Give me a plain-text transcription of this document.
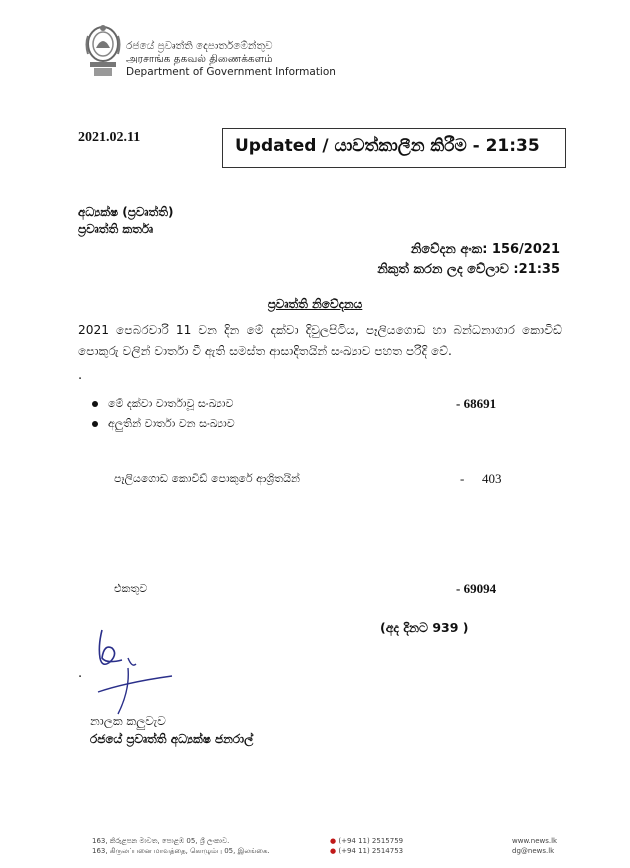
රජයේ ප්‍රවෘත්ති දෙපාර්තමේන්තුව
அரசாங்க தகவல் திணைக்களம்
Department of Government Information
2021.02.11	Updated / යාවත්කාලීන කිරීම - 21:35
අධ්‍යක්ෂ (ප්‍රවෘත්ති)
ප්‍රවෘත්ති කර්තෘ
නිවේදන අංක: 156/2021
නිකුත් කරන ලද වේලාව :21:35
ප්‍රවෘත්ති නිවේදනය
2021 පෙබරවාරි 11 වන දින මේ දක්වා දිවුලපිටිය, පෑලියගොඩ හා බන්ධනාගාර කොවිඩ් පොකුරු වලින් වාර්තා වී ඇති සමස්ත ආසාදිතයින් සංඛ්‍යාව පහත පරිදි වේ.
.
මේ දක්වා වාර්තාවූ සංඛ්‍යාව	- 68691
අලුතින් වාර්තා වන සංඛ්‍යාව
පෑලියගොඩ කොවිඩ් පොකුරේ ආශ්‍රිතයින්	- 403
එකතුව	- 69094
(අද දිනට 939 )
.
නාලක කලුවැව
රජයේ ප්‍රවෘත්ති අධ්‍යක්ෂ ජනරාල්
163, කිරුළපන මාවත, පොළඹ 05, ශ්‍රී ලංකාව.
163, கிருலப்பனை மாவத்தை, கொழும்பு 05, இலங்கை.
● (+94 11) 2515759
● (+94 11) 2514753
www.news.lk
dg@news.lk
